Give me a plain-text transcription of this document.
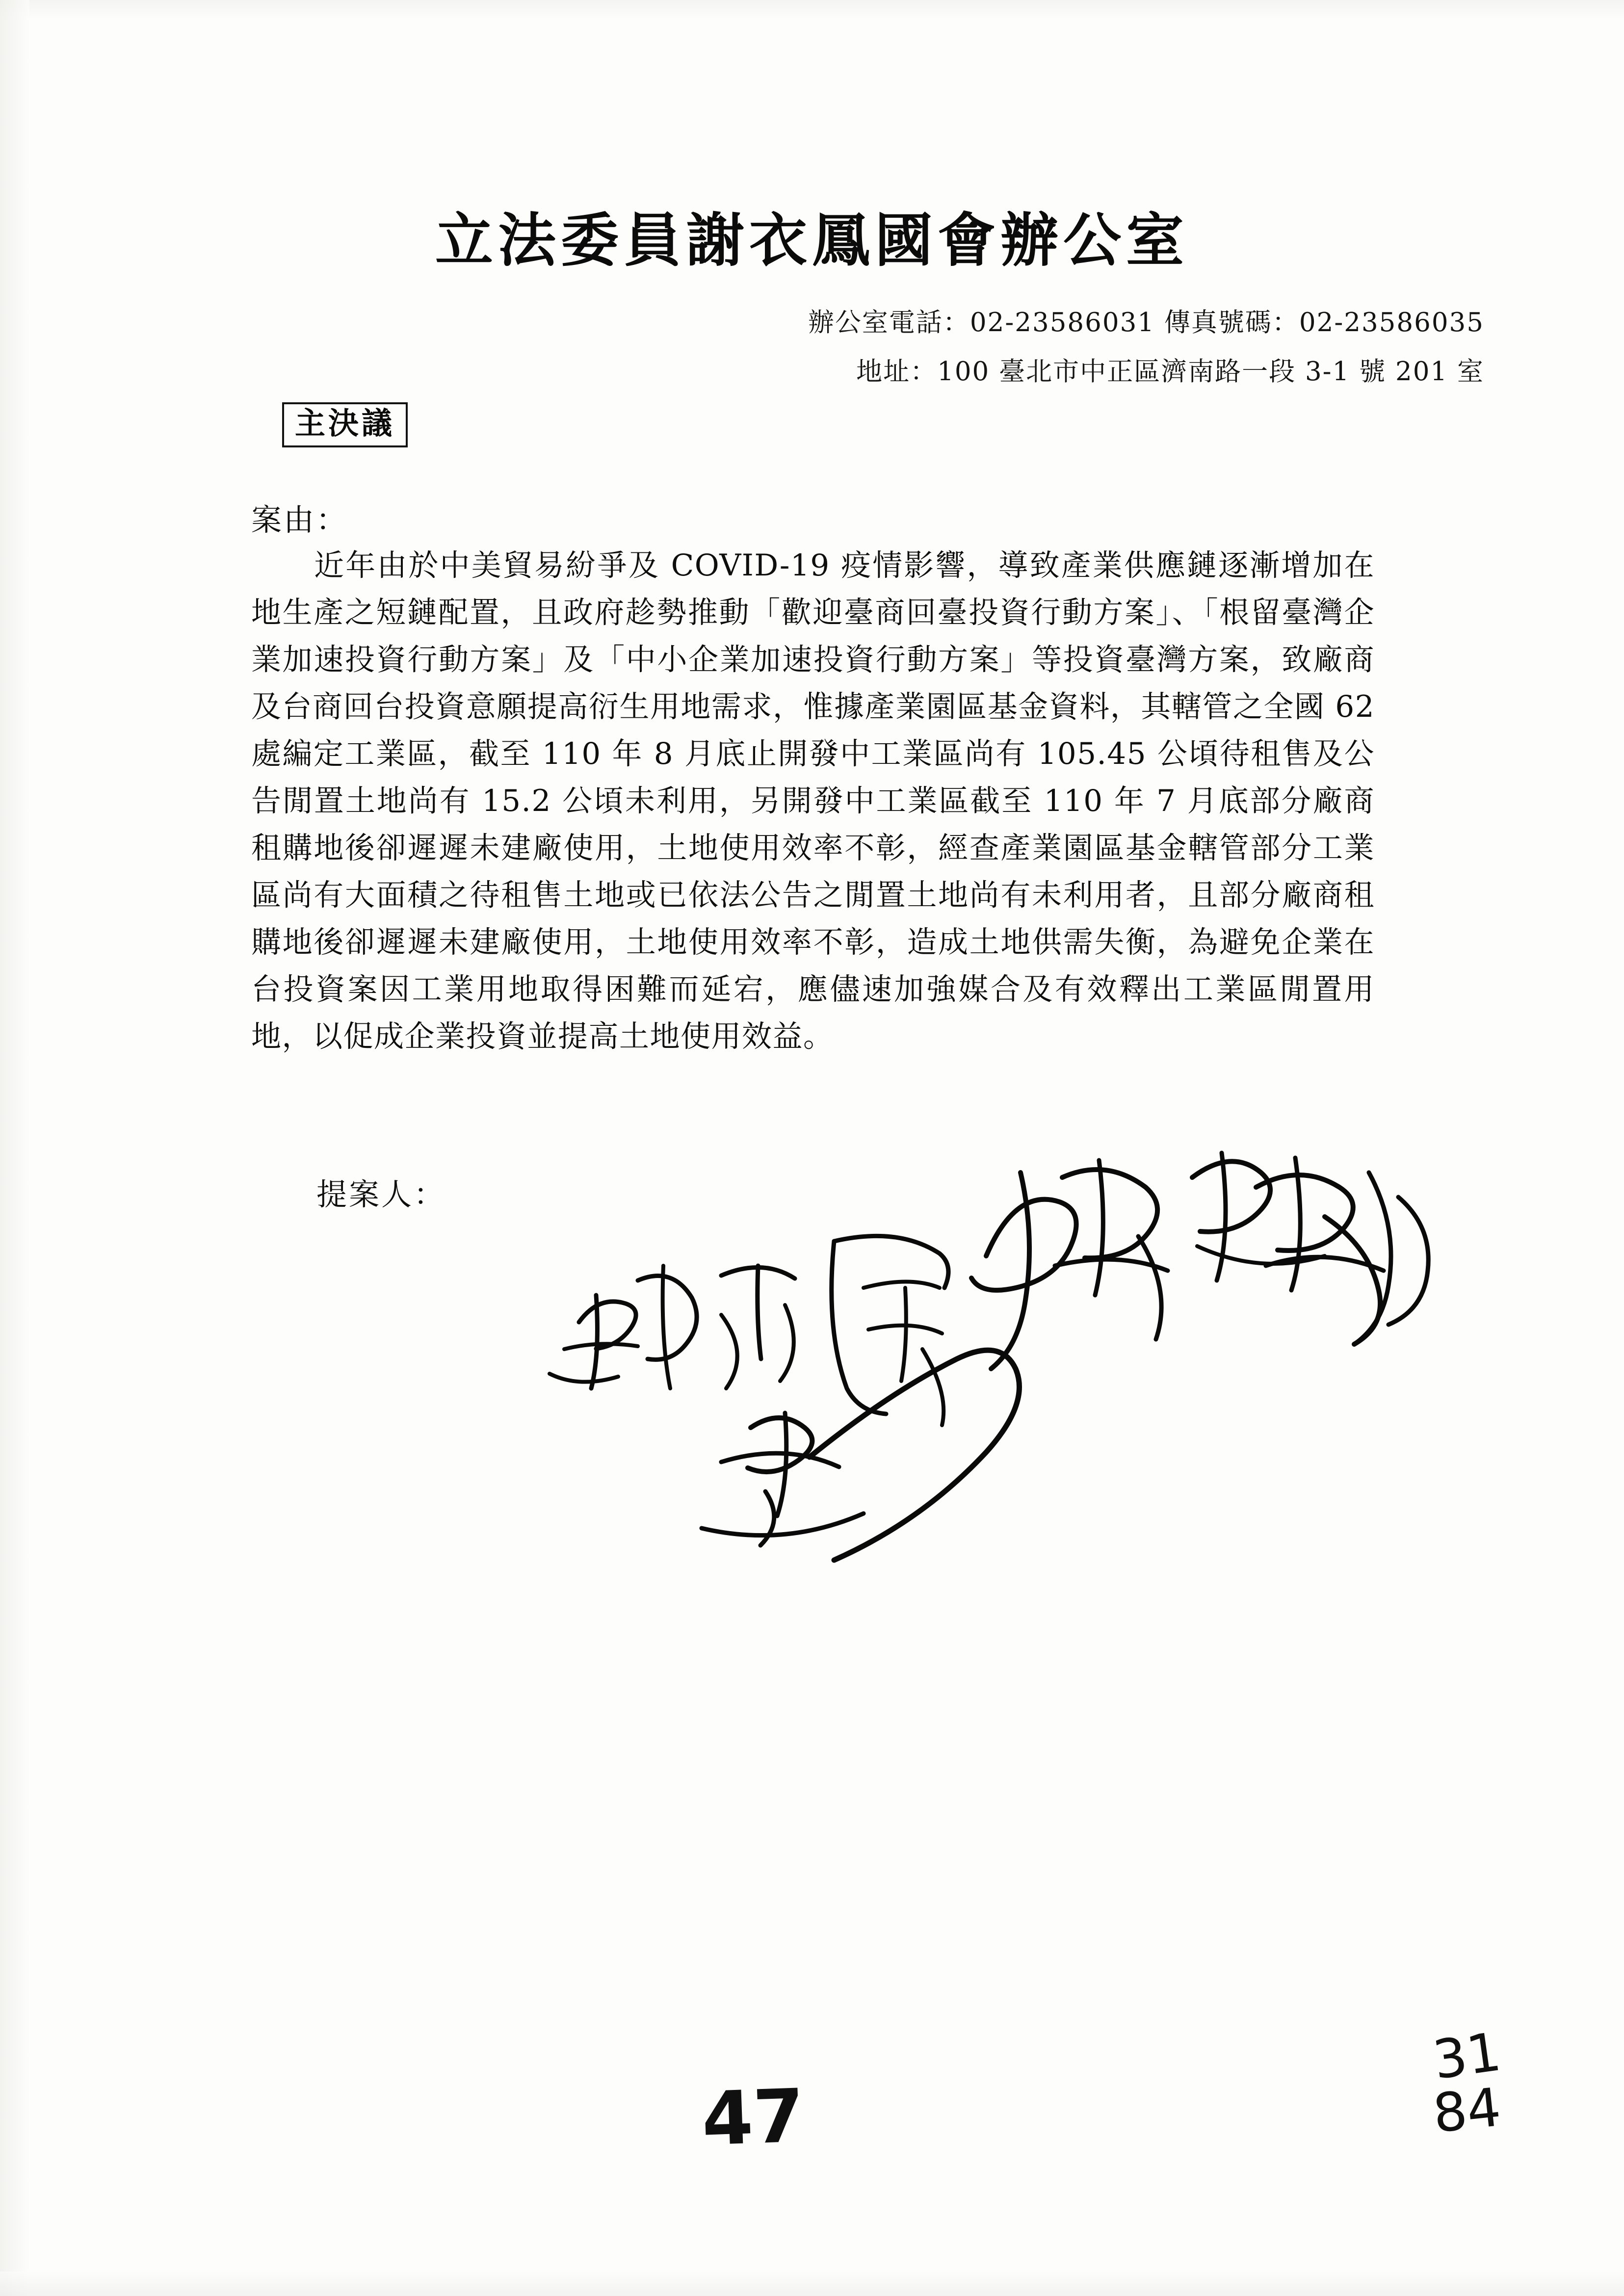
立法委員謝衣鳳國會辦公室
辦公室電話：02-23586031 傳真號碼：02-23586035
地址：100 臺北市中正區濟南路一段 3-1 號 201 室
主決議
案由：
　　近年由於中美貿易紛爭及 COVID-19 疫情影響，導致產業供應鏈逐漸增加在地生產之短鏈配置，且政府趁勢推動「歡迎臺商回臺投資行動方案」、「根留臺灣企業加速投資行動方案」及「中小企業加速投資行動方案」等投資臺灣方案，致廠商及台商回台投資意願提高衍生用地需求，惟據產業園區基金資料，其轄管之全國 62 處編定工業區，截至 110 年 8 月底止開發中工業區尚有 105.45 公頃待租售及公告閒置土地尚有 15.2 公頃未利用，另開發中工業區截至 110 年 7 月底部分廠商租購地後卻遲遲未建廠使用，土地使用效率不彰，經查產業園區基金轄管部分工業區尚有大面積之待租售土地或已依法公告之閒置土地尚有未利用者，且部分廠商租購地後卻遲遲未建廠使用，土地使用效率不彰，造成土地供需失衡，為避免企業在台投資案因工業用地取得困難而延宕，應儘速加強媒合及有效釋出工業區閒置用地，以促成企業投資並提高土地使用效益。
提案人：
47
31
84
